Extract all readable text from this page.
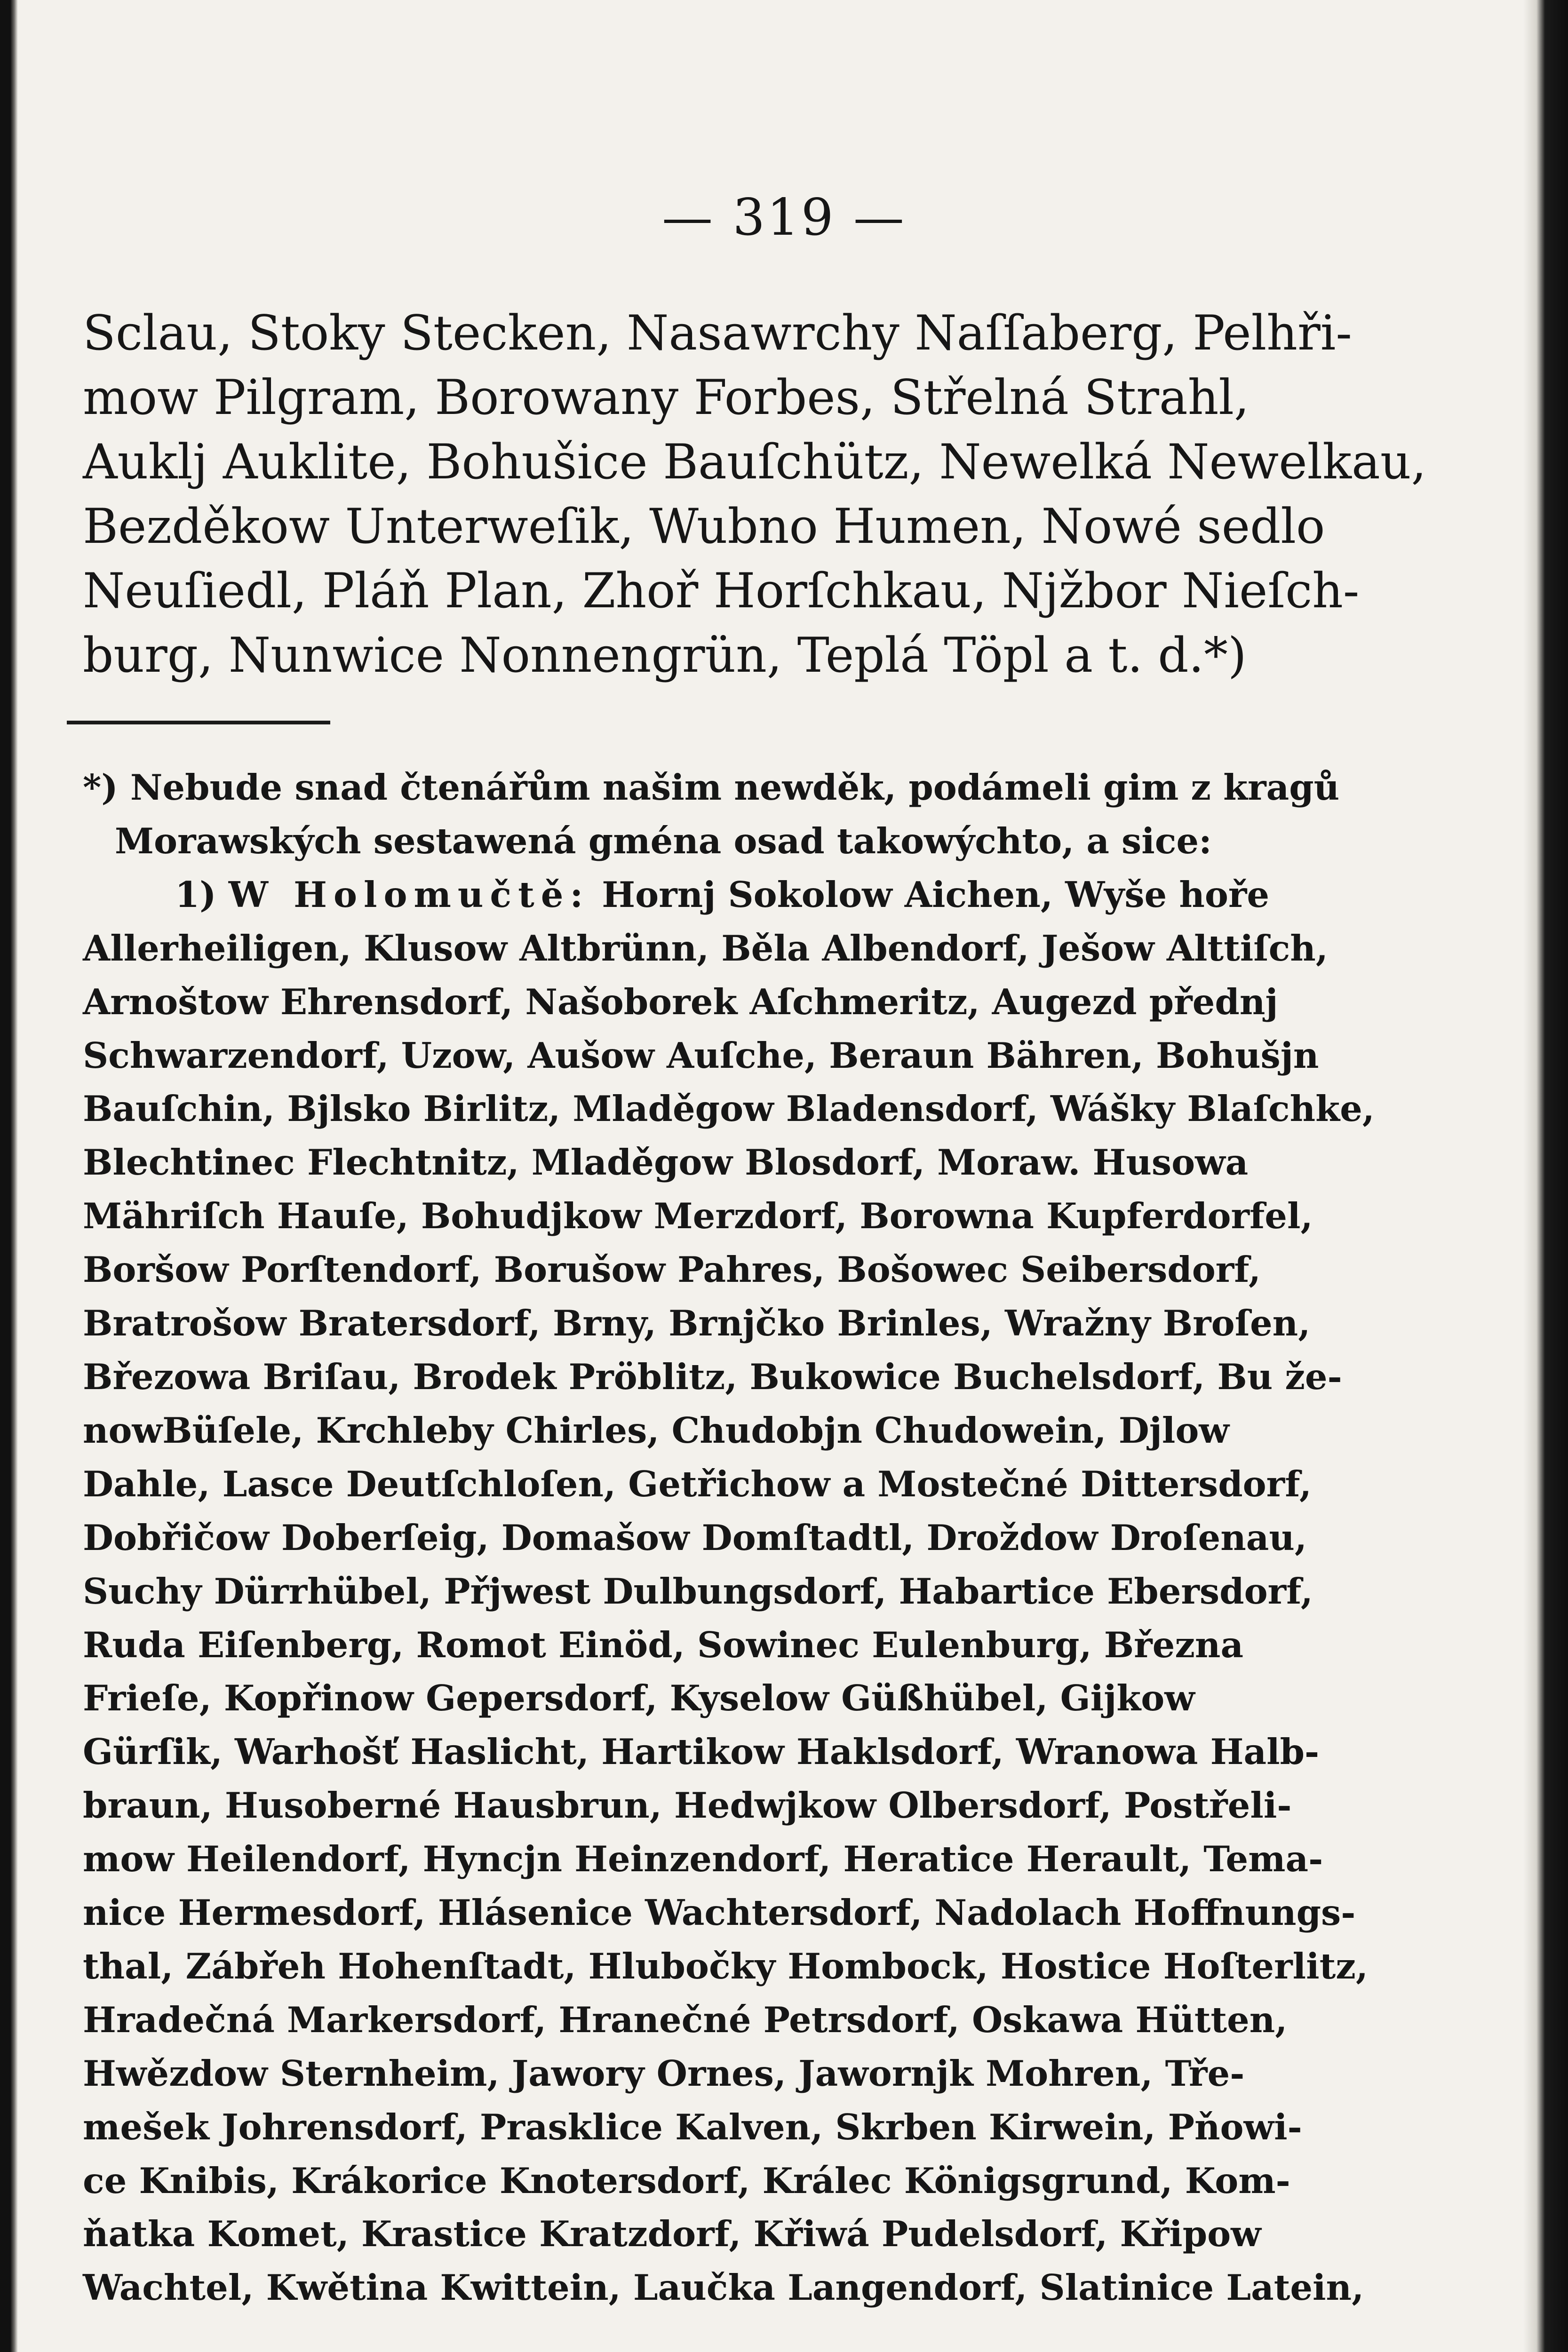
— 319 —

Sclau, Stoky Stecken, Nasawrchy Naſſaberg, Pelhři-
mow Pilgram, Borowany Forbes, Střelná Strahl,
Auklj Auklite, Bohušice Bauſchütz, Newelká Newelkau,
Bezděkow Unterweſik, Wubno Humen, Nowé sedlo
Neuſiedl, Pláň Plan, Zhoř Horſchkau, Njžbor Nieſch-
burg, Nunwice Nonnengrün, Teplá Töpl a t. d.*)
*) Nebude snad čtenářům našim newděk, podámeli gim z kragů
Morawských sestawená gména osad takowýchto, a sice:
1) W Holomučtě: Hornj Sokolow Aichen, Wyše hoře
Allerheiligen, Klusow Altbrünn, Běla Albendorf, Ješow Alttiſch,
Arnoštow Ehrensdorf, Našoborek Aſchmeritz, Augezd přednj
Schwarzendorf, Uzow, Aušow Auſche, Beraun Bähren, Bohušjn
Bauſchin, Bjlsko Birlitz, Mladěgow Bladensdorf, Wášky Blaſchke,
Blechtinec Flechtnitz, Mladěgow Blosdorf, Moraw. Husowa
Mähriſch Hauſe, Bohudjkow Merzdorf, Borowna Kupferdorfel,
Boršow Porſtendorf, Borušow Pahres, Bošowec Seibersdorf,
Bratrošow Bratersdorf, Brny, Brnjčko Brinles, Wražny Broſen,
Březowa Briſau, Brodek Pröblitz, Bukowice Buchelsdorf, Bu že-
nowBüſele, Krchleby Chirles, Chudobjn Chudowein, Djlow
Dahle, Lasce Deutſchloſen, Getřichow a Mostečné Dittersdorf,
Dobřičow Doberſeig, Domašow Domſtadtl, Droždow Droſenau,
Suchy Dürrhübel, Přjwest Dulbungsdorf, Habartice Ebersdorf,
Ruda Eiſenberg, Romot Einöd, Sowinec Eulenburg, Března
Frieſe, Kopřinow Gepersdorf, Kyselow Güßhübel, Gijkow
Gürſik, Warhošť Haslicht, Hartikow Haklsdorf, Wranowa Halb-
braun, Husoberné Hausbrun, Hedwjkow Olbersdorf, Postřeli-
mow Heilendorf, Hyncjn Heinzendorf, Heratice Herault, Tema-
nice Hermesdorf, Hlásenice Wachtersdorf, Nadolach Hoffnungs-
thal, Zábřeh Hohenſtadt, Hlubočky Hombock, Hostice Hoſterlitz,
Hradečná Markersdorf, Hranečné Petrsdorf, Oskawa Hütten,
Hwězdow Sternheim, Jawory Ornes, Jawornjk Mohren, Tře-
mešek Johrensdorf, Prasklice Kalven, Skrben Kirwein, Pňowi-
ce Knibis, Krákorice Knotersdorf, Králec Königsgrund, Kom-
ňatka Komet, Krastice Kratzdorf, Křiwá Pudelsdorf, Křipow
Wachtel, Kwětina Kwittein, Laučka Langendorf, Slatinice Latein,
